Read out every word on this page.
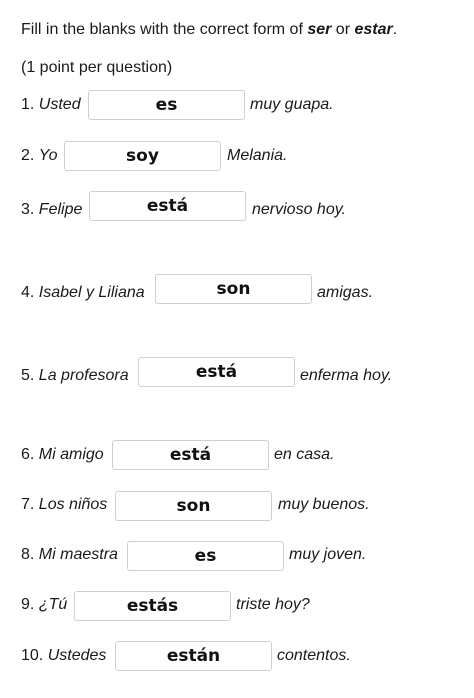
Fill in the blanks with the correct form of ser or estar.
(1 point per question)
1.
Usted	es	muy guapa.
2.
Yo	soy	Melania.
3.
Felipe	está	nervioso hoy.
4.
Isabel y Liliana	son	amigas.
5.
La profesora	está	enferma hoy.
6.
Mi amigo	está	en casa.
7.
Los niños	son	muy buenos.
8.
Mi maestra	es	muy joven.
9.
¿Tú	estás	triste hoy?
10.
Ustedes	están	contentos.
